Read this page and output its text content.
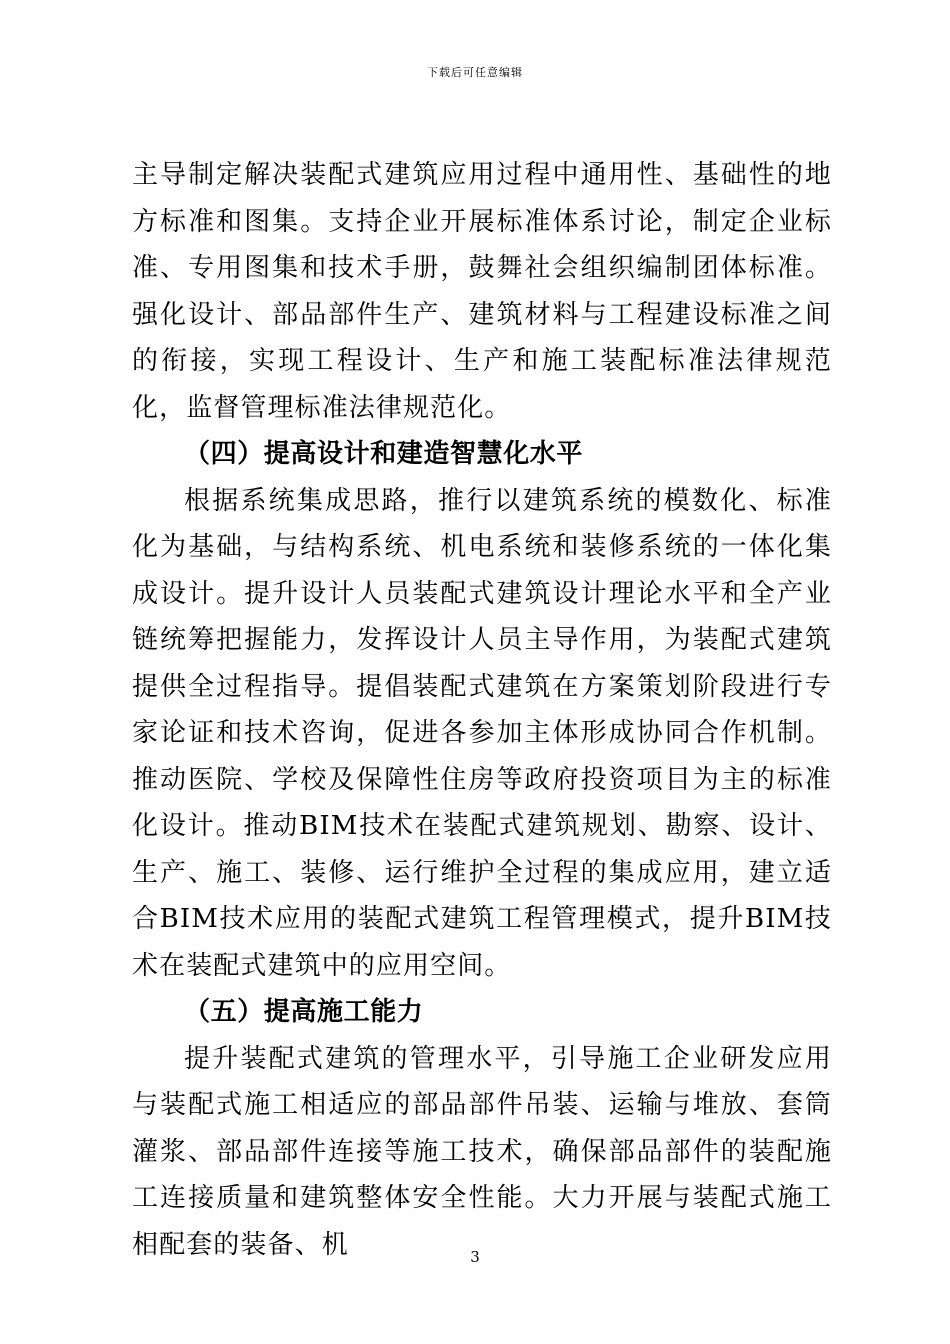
下载后可任意编辑

主导制定解决装配式建筑应用过程中通用性、基础性的地方标准和图集。支持企业开展标准体系讨论，制定企业标准、专用图集和技术手册，鼓舞社会组织编制团体标准。强化设计、部品部件生产、建筑材料与工程建设标准之间的衔接，实现工程设计、生产和施工装配标准法律规范化，监督管理标准法律规范化。

（四）提高设计和建造智慧化水平

根据系统集成思路，推行以建筑系统的模数化、标准化为基础，与结构系统、机电系统和装修系统的一体化集成设计。提升设计人员装配式建筑设计理论水平和全产业链统筹把握能力，发挥设计人员主导作用，为装配式建筑提供全过程指导。提倡装配式建筑在方案策划阶段进行专家论证和技术咨询，促进各参加主体形成协同合作机制。推动医院、学校及保障性住房等政府投资项目为主的标准化设计。推动BIM技术在装配式建筑规划、勘察、设计、生产、施工、装修、运行维护全过程的集成应用，建立适合BIM技术应用的装配式建筑工程管理模式，提升BIM技术在装配式建筑中的应用空间。

（五）提高施工能力

提升装配式建筑的管理水平，引导施工企业研发应用与装配式施工相适应的部品部件吊装、运输与堆放、套筒灌浆、部品部件连接等施工技术，确保部品部件的装配施工连接质量和建筑整体安全性能。大力开展与装配式施工相配套的装备、机	3
